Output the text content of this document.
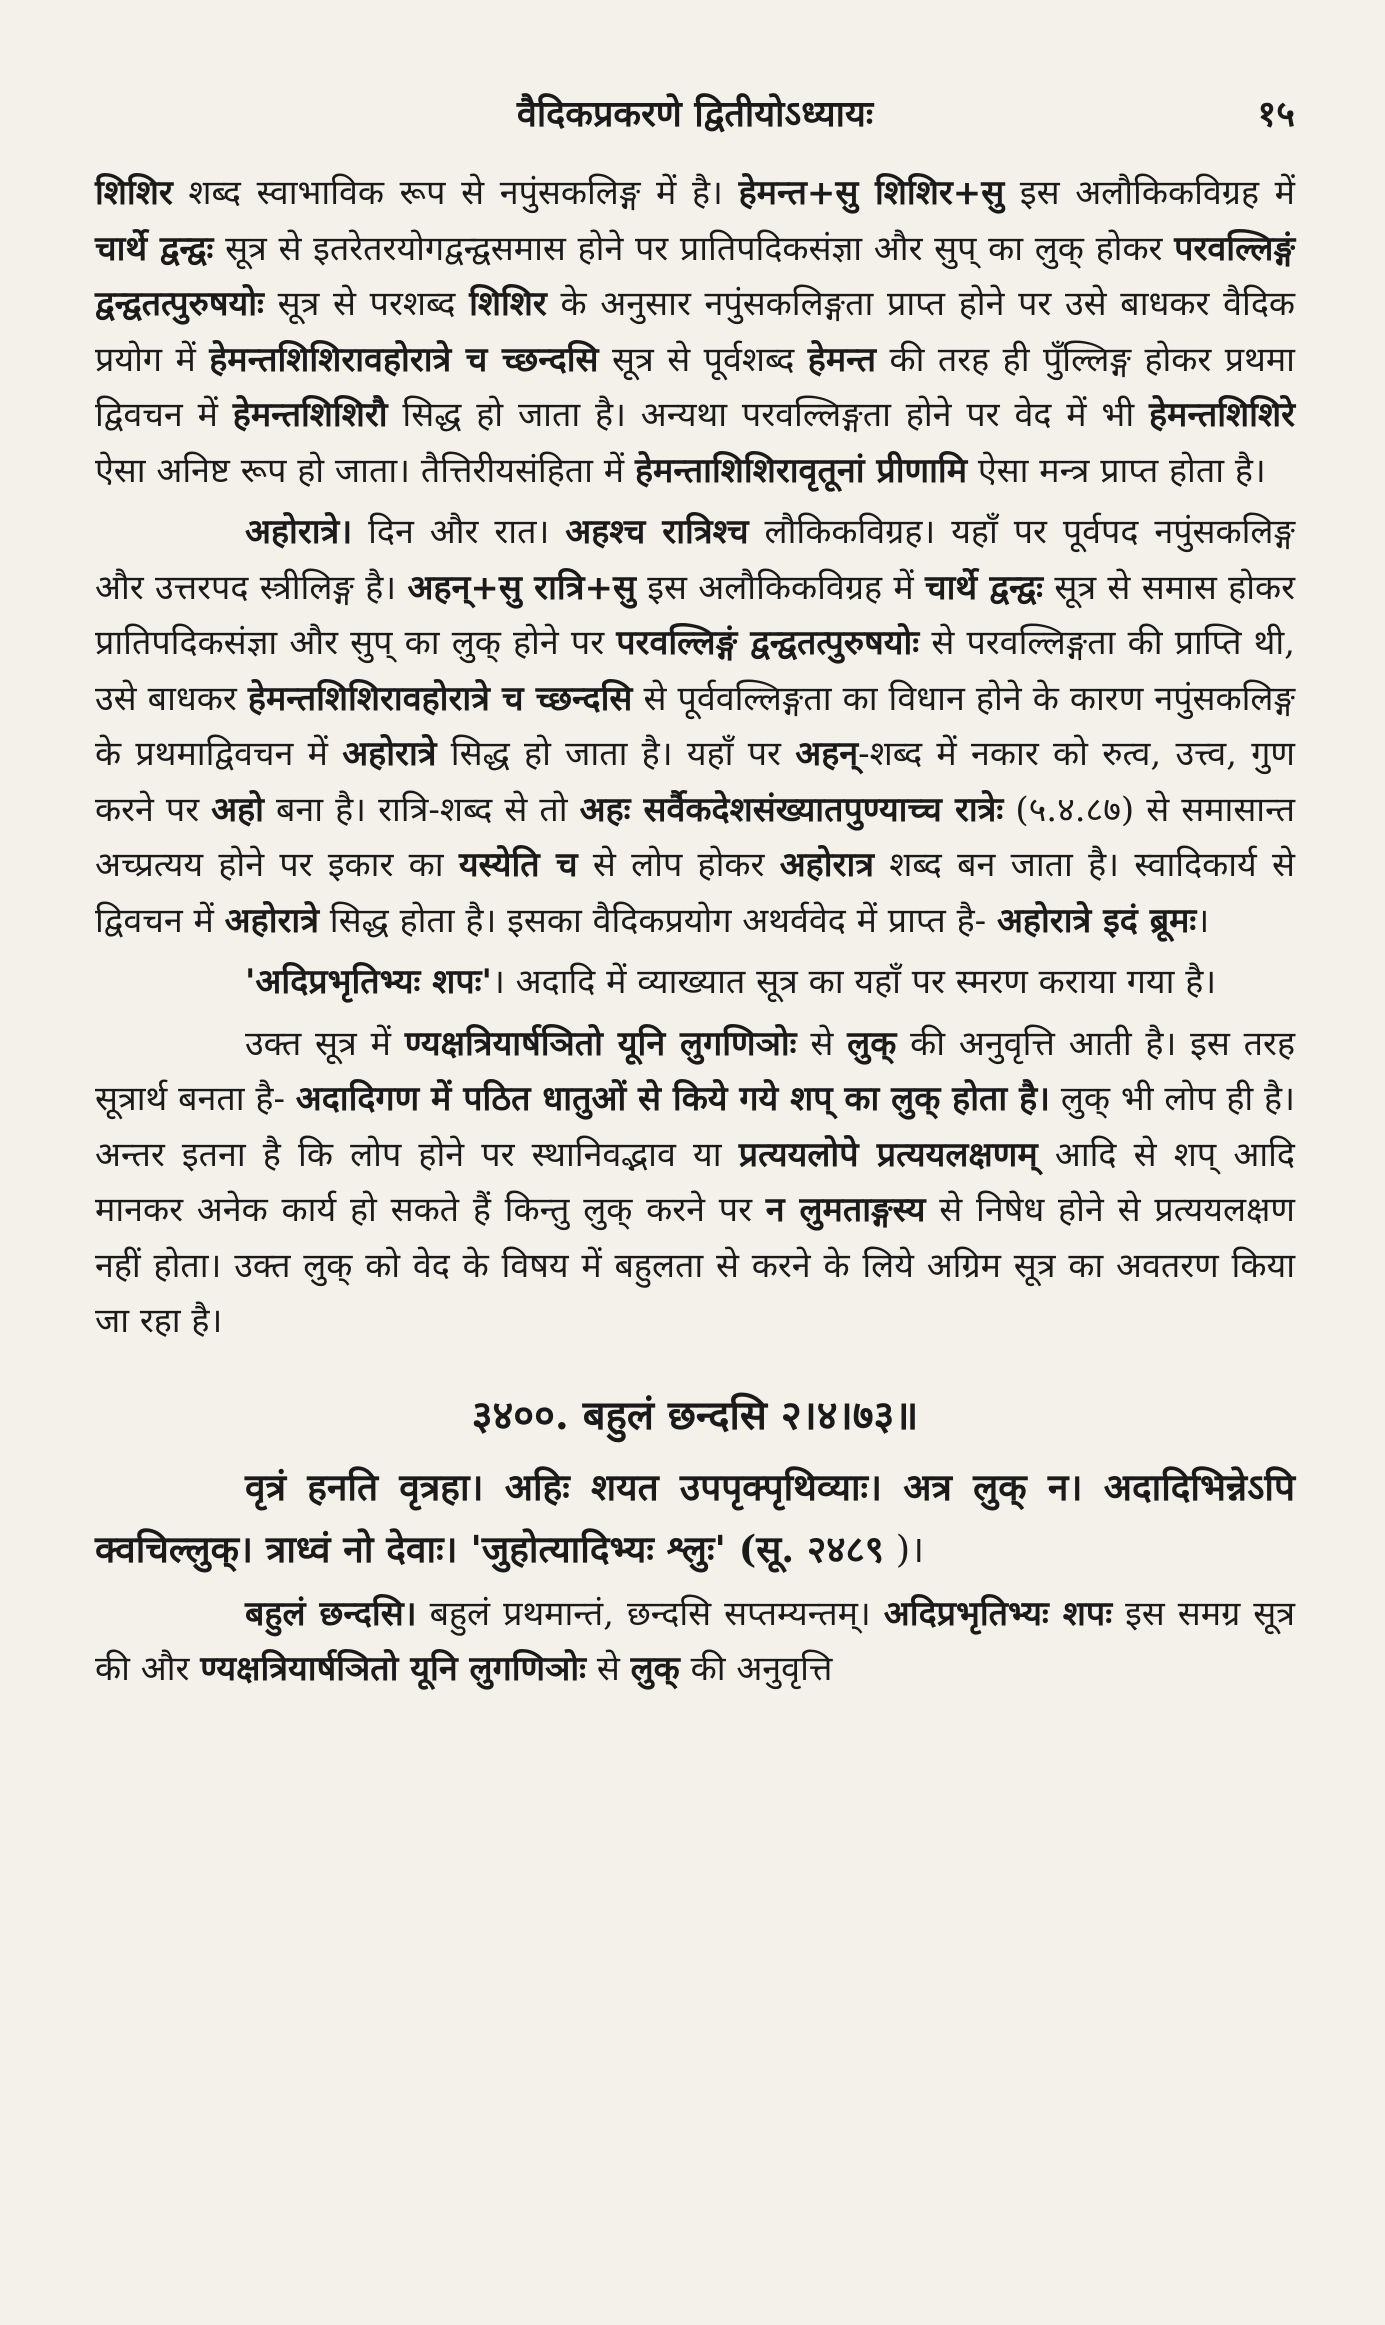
वैदिकप्रकरणे द्वितीयोऽध्यायः	१५

शिशिर शब्द स्वाभाविक रूप से नपुंसकलिङ्ग में है। हेमन्त+सु शिशिर+सु इस अलौकिकविग्रह में चार्थे द्वन्द्वः सूत्र से इतरेतरयोगद्वन्द्वसमास होने पर प्रातिपदिकसंज्ञा और सुप् का लुक् होकर परवल्लिङ्गं द्वन्द्वतत्पुरुषयोः सूत्र से परशब्द शिशिर के अनुसार नपुंसकलिङ्गता प्राप्त होने पर उसे बाधकर वैदिक प्रयोग में हेमन्तशिशिरावहोरात्रे च च्छन्दसि सूत्र से पूर्वशब्द हेमन्त की तरह ही पुँल्लिङ्ग होकर प्रथमा द्विवचन में हेमन्तशिशिरौ सिद्ध हो जाता है। अन्यथा परवल्लिङ्गता होने पर वेद में भी हेमन्तशिशिरे ऐसा अनिष्ट रूप हो जाता। तैत्तिरीयसंहिता में हेमन्ताशिशिरावृतूनां प्रीणामि ऐसा मन्त्र प्राप्त होता है।

अहोरात्रे। दिन और रात। अहश्च रात्रिश्च लौकिकविग्रह। यहाँ पर पूर्वपद नपुंसकलिङ्ग और उत्तरपद स्त्रीलिङ्ग है। अहन्+सु रात्रि+सु इस अलौकिकविग्रह में चार्थे द्वन्द्वः सूत्र से समास होकर प्रातिपदिकसंज्ञा और सुप् का लुक् होने पर परवल्लिङ्गं द्वन्द्वतत्पुरुषयोः से परवल्लिङ्गता की प्राप्ति थी, उसे बाधकर हेमन्तशिशिरावहोरात्रे च च्छन्दसि से पूर्ववल्लिङ्गता का विधान होने के कारण नपुंसकलिङ्ग के प्रथमाद्विवचन में अहोरात्रे सिद्ध हो जाता है। यहाँ पर अहन्-शब्द में नकार को रुत्व, उत्त्व, गुण करने पर अहो बना है। रात्रि-शब्द से तो अहः सर्वैकदेशसंख्यातपुण्याच्च रात्रेः (५.४.८७) से समासान्त अच्प्रत्यय होने पर इकार का यस्येति च से लोप होकर अहोरात्र शब्द बन जाता है। स्वादिकार्य से द्विवचन में अहोरात्रे सिद्ध होता है। इसका वैदिकप्रयोग अथर्ववेद में प्राप्त है- अहोरात्रे इदं ब्रूमः।

'अदिप्रभृतिभ्यः शपः'। अदादि में व्याख्यात सूत्र का यहाँ पर स्मरण कराया गया है।

उक्त सूत्र में ण्यक्षत्रियार्षञितो यूनि लुगणिञोः से लुक् की अनुवृत्ति आती है। इस तरह सूत्रार्थ बनता है- अदादिगण में पठित धातुओं से किये गये शप् का लुक् होता है। लुक् भी लोप ही है। अन्तर इतना है कि लोप होने पर स्थानिवद्भाव या प्रत्ययलोपे प्रत्ययलक्षणम् आदि से शप् आदि मानकर अनेक कार्य हो सकते हैं किन्तु लुक् करने पर न लुमताङ्गस्य से निषेध होने से प्रत्ययलक्षण नहीं होता। उक्त लुक् को वेद के विषय में बहुलता से करने के लिये अग्रिम सूत्र का अवतरण किया जा रहा है।

३४००. बहुलं छन्दसि २।४।७३॥

वृत्रं हनति वृत्रहा। अहिः शयत उपपृक्पृथिव्याः। अत्र लुक् न। अदादिभिन्नेऽपि क्वचिल्लुक्। त्राध्वं नो देवाः। 'जुहोत्यादिभ्यः श्लुः' (सू. २४८९ )।

बहुलं छन्दसि। बहुलं प्रथमान्तं, छन्दसि सप्तम्यन्तम्। अदिप्रभृतिभ्यः शपः इस समग्र सूत्र की और ण्यक्षत्रियार्षञितो यूनि लुगणिञोः से लुक् की अनुवृत्ति
